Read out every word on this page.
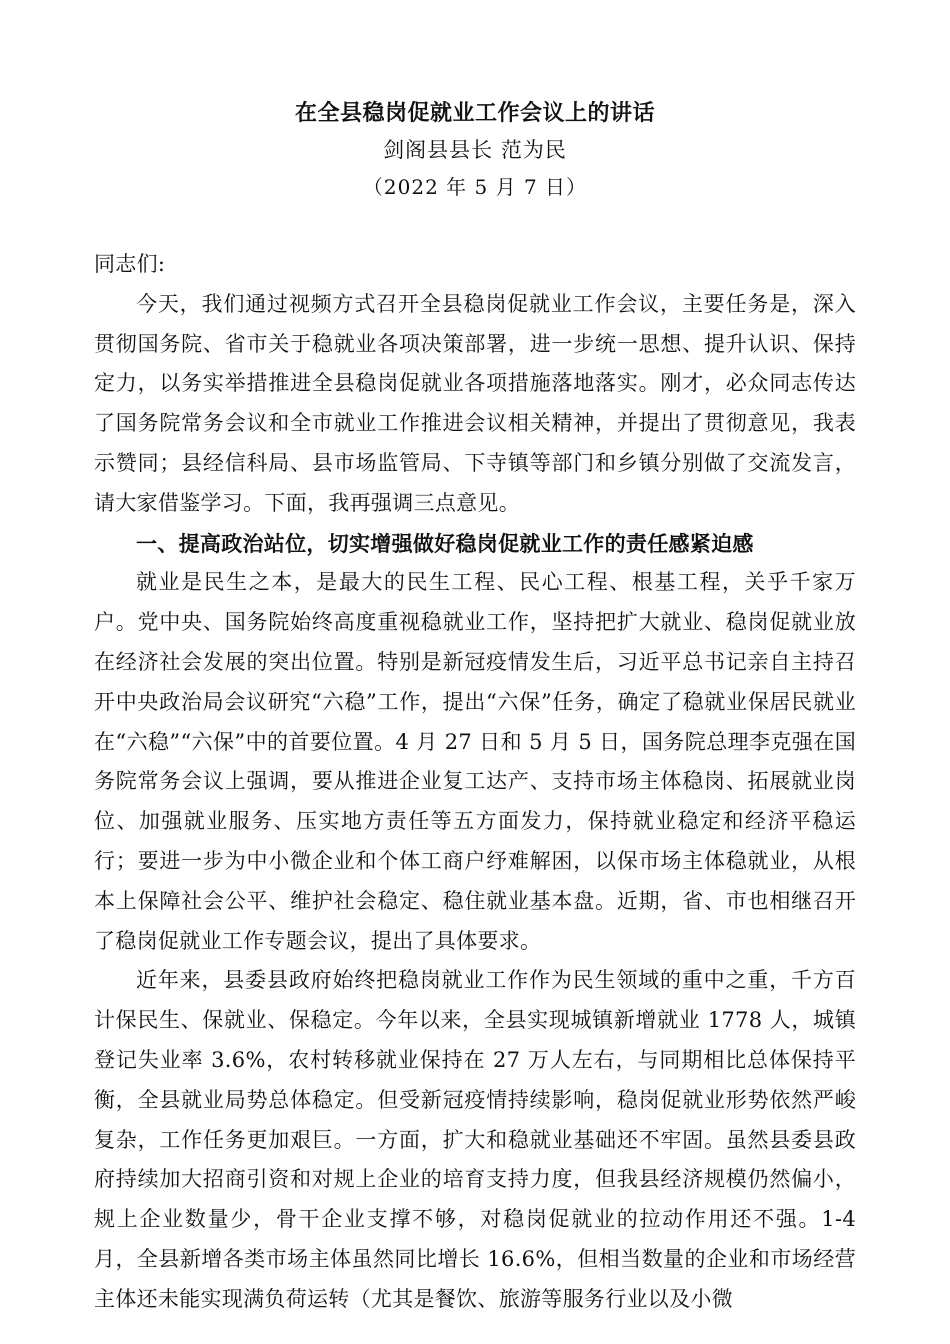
在全县稳岗促就业工作会议上的讲话
剑阁县县长 范为民
（2022 年 5 月 7 日）

同志们:

今天，我们通过视频方式召开全县稳岗促就业工作会议，主要任务是，深入贯彻国务院、省市关于稳就业各项决策部署，进一步统一思想、提升认识、保持定力，以务实举措推进全县稳岗促就业各项措施落地落实。刚才，必众同志传达了国务院常务会议和全市就业工作推进会议相关精神，并提出了贯彻意见，我表示赞同；县经信科局、县市场监管局、下寺镇等部门和乡镇分别做了交流发言，请大家借鉴学习。下面，我再强调三点意见。

一、提高政治站位，切实增强做好稳岗促就业工作的责任感紧迫感

就业是民生之本，是最大的民生工程、民心工程、根基工程，关乎千家万户。党中央、国务院始终高度重视稳就业工作，坚持把扩大就业、稳岗促就业放在经济社会发展的突出位置。特别是新冠疫情发生后，习近平总书记亲自主持召开中央政治局会议研究“六稳”工作，提出“六保”任务，确定了稳就业保居民就业在“六稳”“六保”中的首要位置。4 月 27 日和 5 月 5 日，国务院总理李克强在国务院常务会议上强调，要从推进企业复工达产、支持市场主体稳岗、拓展就业岗位、加强就业服务、压实地方责任等五方面发力，保持就业稳定和经济平稳运行；要进一步为中小微企业和个体工商户纾难解困，以保市场主体稳就业，从根本上保障社会公平、维护社会稳定、稳住就业基本盘。近期，省、市也相继召开了稳岗促就业工作专题会议，提出了具体要求。

近年来，县委县政府始终把稳岗就业工作作为民生领域的重中之重，千方百计保民生、保就业、保稳定。今年以来，全县实现城镇新增就业 1778 人，城镇登记失业率 3.6%，农村转移就业保持在 27 万人左右，与同期相比总体保持平衡，全县就业局势总体稳定。但受新冠疫情持续影响，稳岗促就业形势依然严峻复杂，工作任务更加艰巨。一方面，扩大和稳就业基础还不牢固。虽然县委县政府持续加大招商引资和对规上企业的培育支持力度，但我县经济规模仍然偏小，规上企业数量少，骨干企业支撑不够，对稳岗促就业的拉动作用还不强。1-4 月，全县新增各类市场主体虽然同比增长 16.6%，但相当数量的企业和市场经营主体还未能实现满负荷运转（尤其是餐饮、旅游等服务行业以及小微
